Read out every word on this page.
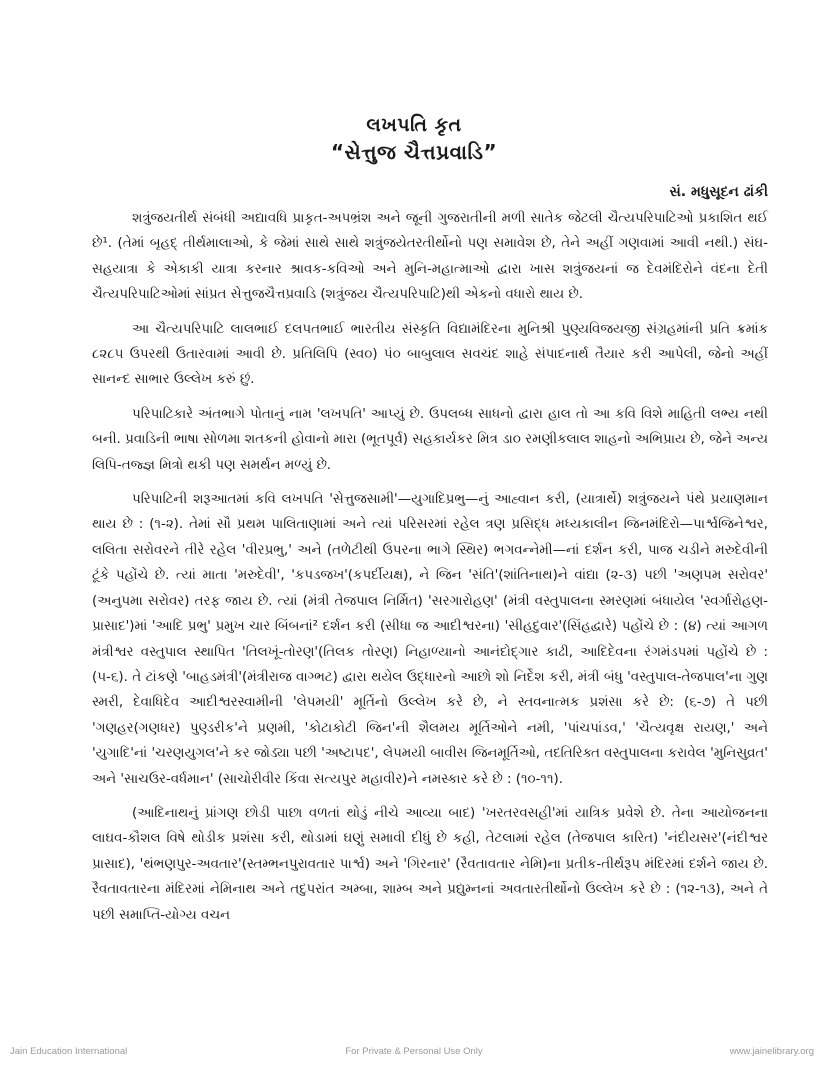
લખપતિ કૃત
“સેત્તુજ ચૈત્તપ્રવાડિ”
સં. મધુસૂદન ઢાંકી

શત્રુંજયતીર્થ સંબંધી અદ્યાવધિ પ્રાકૃત-અપભ્રંશ અને જૂની ગુજરાતીની મળી સાતેક જેટલી ચૈત્યપરિપાટિઓ પ્રકાશિત થઈ છે¹. (તેમાં બૃહદ્ તીર્થમાલાઓ, કે જેમાં સાથે સાથે શત્રુંજયેતરતીર્થોનો પણ સમાવેશ છે, તેને અહીં ગણવામાં આવી નથી.) સંઘ-સહયાત્રા કે એકાકી યાત્રા કરનાર શ્રાવક-કવિઓ અને મુનિ-મહાત્માઓ દ્વારા ખાસ શત્રુંજયનાં જ દેવમંદિરોને વંદના દેતી ચૈત્યપરિપાટિઓમાં સાંપ્રત સેત્તુજચૈત્તપ્રવાડિ (શત્રુંજય ચૈત્યપરિપાટિ)થી એકનો વધારો થાય છે.

આ ચૈત્યપરિપાટિ લાલભાઈ દલપતભાઈ ભારતીય સંસ્કૃતિ વિદ્યામંદિરના મુનિશ્રી પુણ્યવિજયજી સંગ્રહમાંની પ્રતિ ક્રમાંક ૮૨૮૫ ઉપરથી ઉતારવામાં આવી છે. પ્રતિલિપિ (સ્વ૦) પં૦ બાબુલાલ સવચંદ શાહે સંપાદનાર્થ તૈયાર કરી આપેલી, જેનો અહીં સાનન્દ સાભાર ઉલ્લેખ કરું છું.

પરિપાટિકારે અંતભાગે પોતાનું નામ 'લખપતિ' આપ્યું છે. ઉપલબ્ધ સાધનો દ્વારા હાલ તો આ કવિ વિશે માહિતી લભ્ય નથી બની. પ્રવાડિની ભાષા સોળમા શતકની હોવાનો મારા (ભૂતપૂર્વ) સહકાર્યકર મિત્ર ડા૦ રમણીકલાલ શાહનો અભિપ્રાય છે, જેને અન્ય લિપિ-તજ્જ્ઞ મિત્રો થકી પણ સમર્થન મળ્યું છે.

પરિપાટિની શરૂઆતમાં કવિ લખપતિ 'સેત્તુજસામી'—યુગાદિપ્રભુ—નું આહ્વાન કરી, (યાત્રાર્થે) શત્રુંજયને પંથે પ્રયાણમાન થાય છે : (૧-૨). તેમાં સૌ પ્રથમ પાલિતાણામાં અને ત્યાં પરિસરમાં રહેલ ત્રણ પ્રસિદ્ધ મધ્યકાલીન જિનમંદિરો—પાર્શ્વજિનેશ્વર, લલિતા સરોવરને તીરે રહેલ 'વીરપ્રભુ,' અને (તળેટીથી ઉપરના ભાગે સ્થિર) ભગવન્નેમી—નાં દર્શન કરી, પાજ ચડીને મરુદેવીની ટૂંકે પહોંચે છે. ત્યાં માતા 'મરુદેવી', 'કપડજખ'(કપર્દીયક્ષ), ને જિન 'સંતિ'(શાંતિનાથ)ને વાંદ્યા (૨-૩) પછી 'અણપમ સરોવર' (અનુપમા સરોવર) તરફ જાય છે. ત્યાં (મંત્રી તેજપાલ નિર્મિત) 'સરગારોહણ' (મંત્રી વસ્તુપાલના સ્મરણમાં બંધાયેલ 'સ્વર્ગારોહણ-પ્રાસાદ')માં 'આદિ પ્રભુ' પ્રમુખ ચાર બિંબનાં² દર્શન કરી (સીધા જ આદીશ્વરના) 'સીહદુવાર'(સિંહદ્વારે) પહોંચે છે : (૪) ત્યાં આગળ મંત્રીશ્વર વસ્તુપાલ સ્થાપિત 'તિલખૂં-તોરણ'(તિલક તોરણ) નિહાળ્યાનો આનંદોદ્ગાર કાઢી, આદિદેવના રંગમંડપમાં પહોંચે છે : (૫-૬). તે ટાંકણે 'બાહડમંત્રી'(મંત્રીરાજ વાગ્ભટ) દ્વારા થયેલ ઉદ્ધારનો આછો શો નિર્દેશ કરી, મંત્રી બંધુ 'વસ્તુપાલ-તેજપાલ'ના ગુણ સ્મરી, દેવાધિદેવ આદીશ્વરસ્વામીની 'લેપમયી' મૂર્તિનો ઉલ્લેખ કરે છે, ને સ્તવનાત્મક પ્રશંસા કરે છે: (૬-૭) તે પછી 'ગણહર(ગણધર) પુણ્ડરીક'ને પ્રણમી, 'કોટાકોટી જિન'ની શૈલમય મૂર્તિઓને નમી, 'પાંચપાંડવ,' 'ચૈત્યવૃક્ષ રાયણ,' અને 'યુગાદિ'નાં 'ચરણયુગલ'ને કર જોડ્યા પછી 'અષ્ટાપદ', લેપમયી બાવીસ જિનમૂર્તિઓ, તદતિરિક્ત વસ્તુપાલના કરાવેલ 'મુનિસુવ્રત' અને 'સાચઉર-વર્ધમાન' (સાચોરીવીર કિંવા સત્યપુર મહાવીર)ને નમસ્કાર કરે છે : (૧૦-૧૧).

(આદિનાથનું પ્રાંગણ છોડી પાછા વળતાં થોડું નીચે આવ્યા બાદ) 'ખરતરવસહી'માં યાત્રિક પ્રવેશે છે. તેના આયોજનના લાઘવ-કૌશલ વિષે થોડીક પ્રશંસા કરી, થોડામાં ઘણું સમાવી દીધું છે કહી, તેટલામાં રહેલ (તેજપાલ કારિત) 'નંદીયસર'(નંદીશ્વર પ્રાસાદ), 'થંભણપુર-અવતાર'(સ્તમ્ભનપુરાવતાર પાર્શ્વ) અને 'ગિરનાર' (રૈવતાવતાર નેમિ)ના પ્રતીક-તીર્થરૂપ મંદિરમાં દર્શને જાય છે. રૈવતાવતારના મંદિરમાં નેમિનાથ અને તદુપરાંત અમ્બા, શામ્બ અને પ્રદ્યુમ્નનાં અવતારતીર્થોનો ઉલ્લેખ કરે છે : (૧૨-૧૩), અને તે પછી સમાપ્તિ-યોગ્ય વચન

Jain Education International	For Private & Personal Use Only	www.jainelibrary.org
